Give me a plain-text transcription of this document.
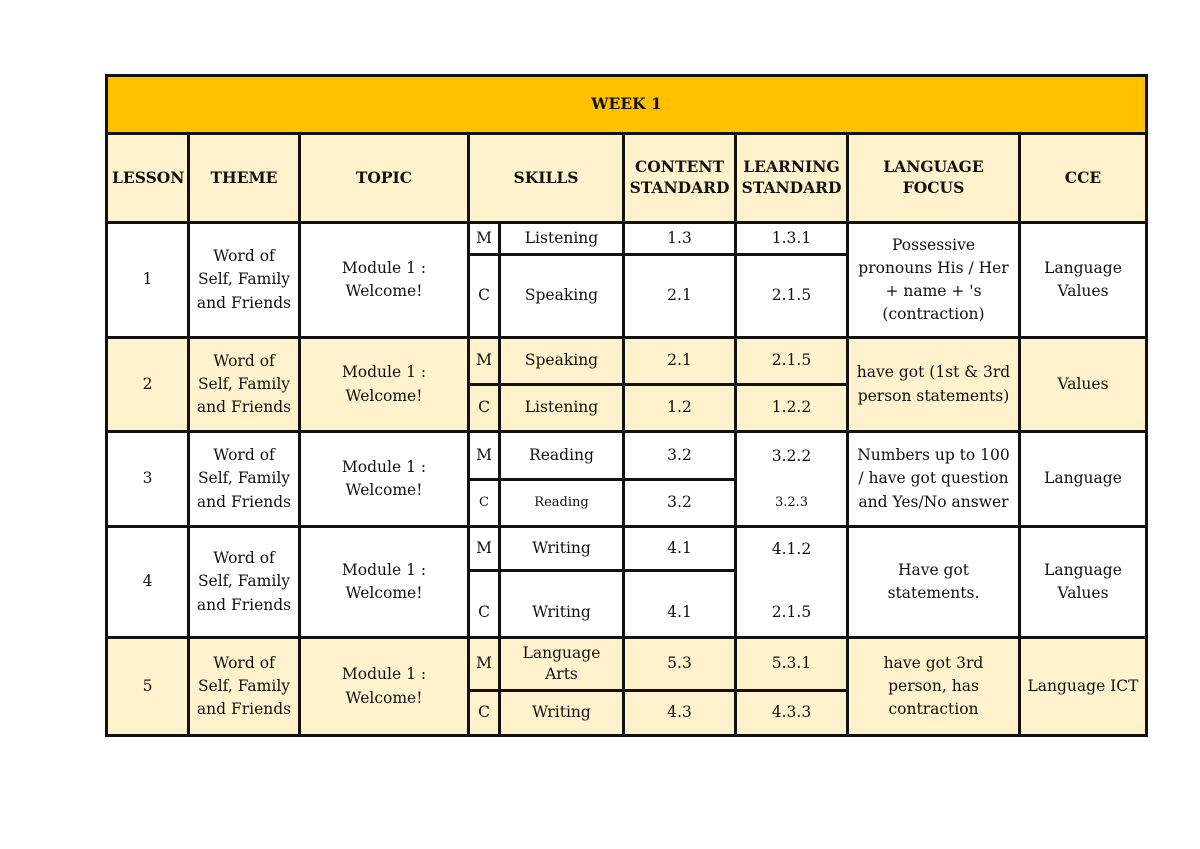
WEEK 1								
LESSON	THEME	TOPIC	SKILLS		CONTENT STANDARD	LEARNING STANDARD	LANGUAGE FOCUS	CCE
1	Word of Self, Family and Friends	Module 1 : Welcome!	M	Listening	1.3	1.3.1	Possessive pronouns His / Her + name + 's (contraction)	Language Values
			C	Speaking	2.1	2.1.5		
2	Word of Self, Family and Friends	Module 1 : Welcome!	M	Speaking	2.1	2.1.5	have got (1st & 3rd person statements)	Values
			C	Listening	1.2	1.2.2		
3	Word of Self, Family and Friends	Module 1 : Welcome!	M	Reading	3.2	3.2.2	Numbers up to 100 / have got question and Yes/No answer	Language
			C	Reading	3.2	3.2.3		
4	Word of Self, Family and Friends	Module 1 : Welcome!	M	Writing	4.1	4.1.2	Have got statements.	Language Values
			C	Writing	4.1	2.1.5		
5	Word of Self, Family and Friends	Module 1 : Welcome!	M	Language Arts	5.3	5.3.1	have got 3rd person, has contraction	Language ICT
			C	Writing	4.3	4.3.3		
